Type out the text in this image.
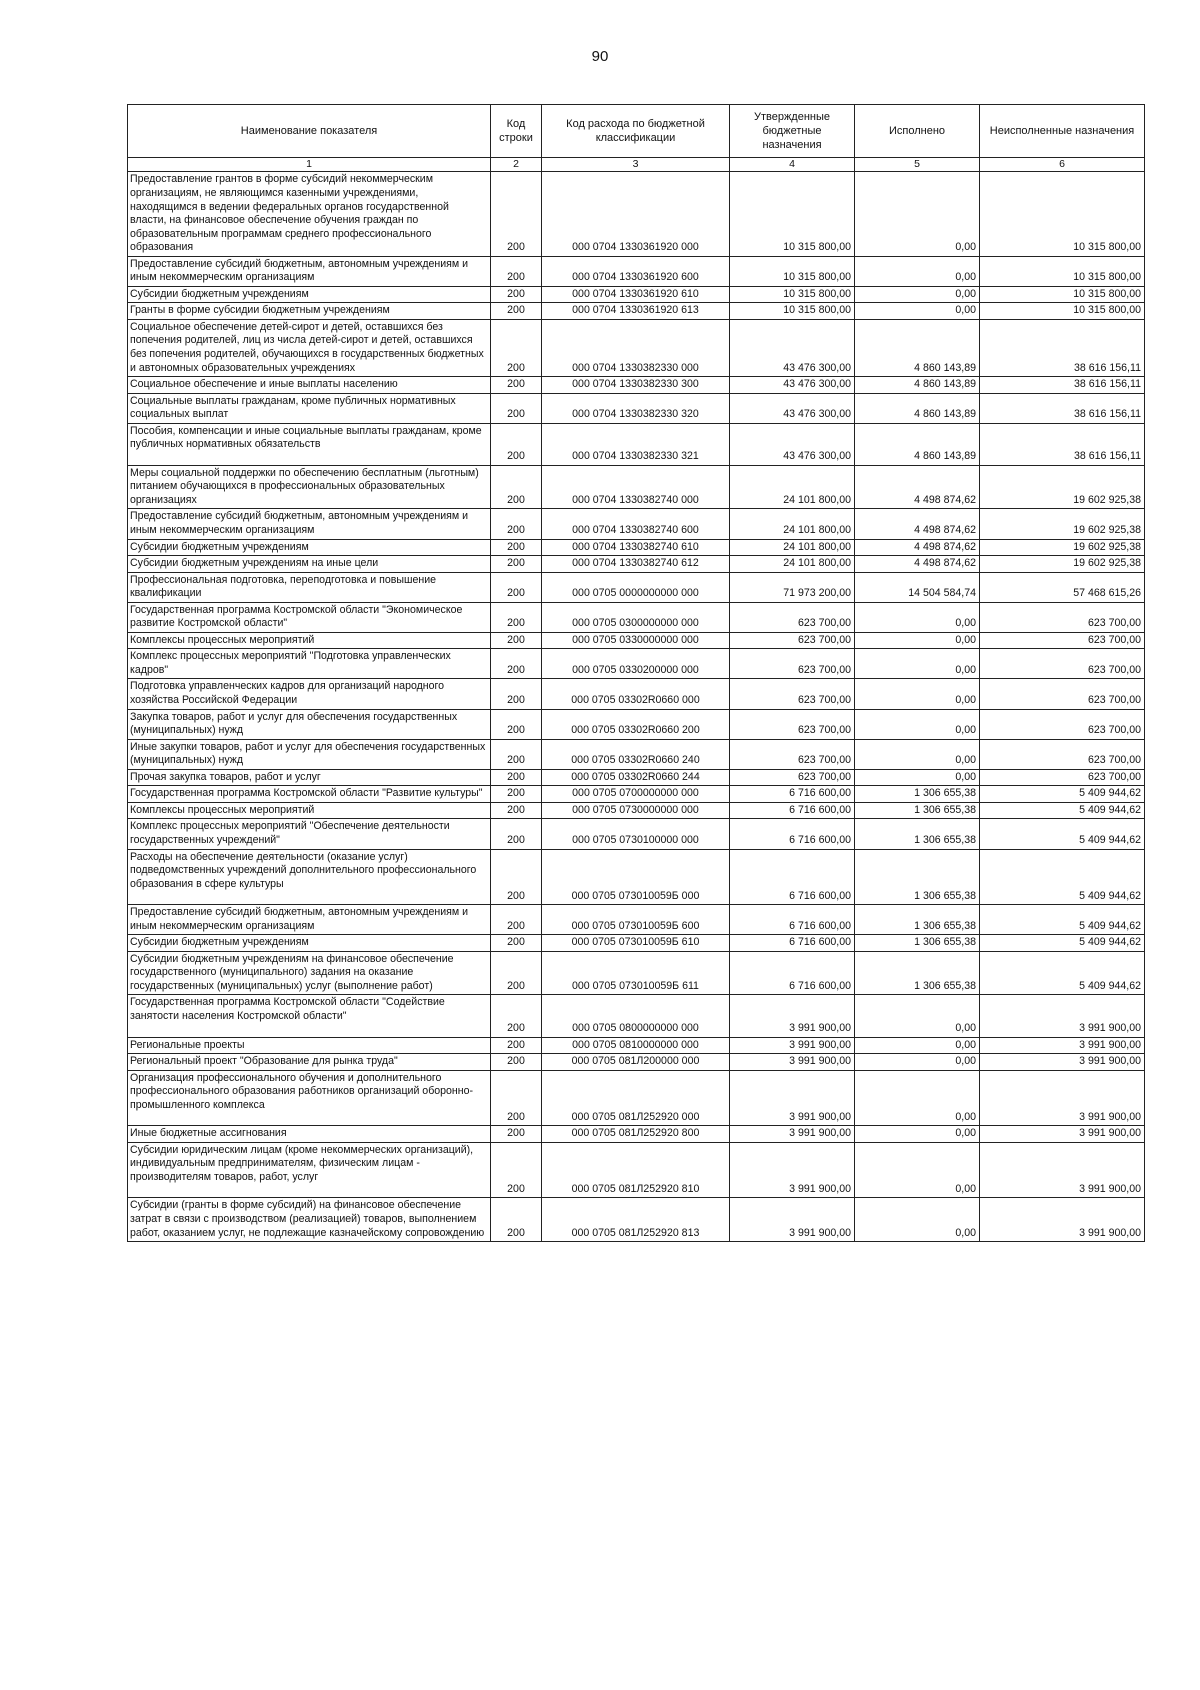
90
Наименование показателя	Код строки	Код расхода по бюджетной классификации	Утвержденные бюджетные назначения	Исполнено	Неисполненные назначения
1	2	3	4	5	6
Предоставление грантов в форме субсидий некоммерческим организациям, не являющимся казенными учреждениями, находящимся в ведении федеральных органов государственной власти, на финансовое обеспечение обучения граждан по образовательным программам среднего профессионального образования	200	000 0704 1330361920 000	10 315 800,00	0,00	10 315 800,00
Предоставление субсидий бюджетным, автономным учреждениям и иным некоммерческим организациям	200	000 0704 1330361920 600	10 315 800,00	0,00	10 315 800,00
Субсидии бюджетным учреждениям	200	000 0704 1330361920 610	10 315 800,00	0,00	10 315 800,00
Гранты в форме субсидии бюджетным учреждениям	200	000 0704 1330361920 613	10 315 800,00	0,00	10 315 800,00
Социальное обеспечение детей-сирот и детей, оставшихся без попечения родителей, лиц из числа детей-сирот и детей, оставшихся без попечения родителей, обучающихся в государственных бюджетных и автономных образовательных учреждениях	200	000 0704 1330382330 000	43 476 300,00	4 860 143,89	38 616 156,11
Социальное обеспечение и иные выплаты населению	200	000 0704 1330382330 300	43 476 300,00	4 860 143,89	38 616 156,11
Социальные выплаты гражданам, кроме публичных нормативных социальных выплат	200	000 0704 1330382330 320	43 476 300,00	4 860 143,89	38 616 156,11
Пособия, компенсации и иные социальные выплаты гражданам, кроме публичных нормативных обязательств	200	000 0704 1330382330 321	43 476 300,00	4 860 143,89	38 616 156,11
Меры социальной поддержки по обеспечению бесплатным (льготным) питанием обучающихся в профессиональных образовательных организациях	200	000 0704 1330382740 000	24 101 800,00	4 498 874,62	19 602 925,38
Предоставление субсидий бюджетным, автономным учреждениям и иным некоммерческим организациям	200	000 0704 1330382740 600	24 101 800,00	4 498 874,62	19 602 925,38
Субсидии бюджетным учреждениям	200	000 0704 1330382740 610	24 101 800,00	4 498 874,62	19 602 925,38
Субсидии бюджетным учреждениям на иные цели	200	000 0704 1330382740 612	24 101 800,00	4 498 874,62	19 602 925,38
Профессиональная подготовка, переподготовка и повышение квалификации	200	000 0705 0000000000 000	71 973 200,00	14 504 584,74	57 468 615,26
Государственная программа Костромской области "Экономическое развитие Костромской области"	200	000 0705 0300000000 000	623 700,00	0,00	623 700,00
Комплексы процессных мероприятий	200	000 0705 0330000000 000	623 700,00	0,00	623 700,00
Комплекс процессных мероприятий "Подготовка управленческих кадров"	200	000 0705 0330200000 000	623 700,00	0,00	623 700,00
Подготовка управленческих кадров для организаций народного хозяйства Российской Федерации	200	000 0705 03302R0660 000	623 700,00	0,00	623 700,00
Закупка товаров, работ и услуг для обеспечения государственных (муниципальных) нужд	200	000 0705 03302R0660 200	623 700,00	0,00	623 700,00
Иные закупки товаров, работ и услуг для обеспечения государственных (муниципальных) нужд	200	000 0705 03302R0660 240	623 700,00	0,00	623 700,00
Прочая закупка товаров, работ и услуг	200	000 0705 03302R0660 244	623 700,00	0,00	623 700,00
Государственная программа Костромской области "Развитие культуры"	200	000 0705 0700000000 000	6 716 600,00	1 306 655,38	5 409 944,62
Комплексы процессных мероприятий	200	000 0705 0730000000 000	6 716 600,00	1 306 655,38	5 409 944,62
Комплекс процессных мероприятий "Обеспечение деятельности государственных учреждений"	200	000 0705 0730100000 000	6 716 600,00	1 306 655,38	5 409 944,62
Расходы на обеспечение деятельности (оказание услуг) подведомственных учреждений дополнительного профессионального образования в сфере культуры	200	000 0705 073010059Б 000	6 716 600,00	1 306 655,38	5 409 944,62
Предоставление субсидий бюджетным, автономным учреждениям и иным некоммерческим организациям	200	000 0705 073010059Б 600	6 716 600,00	1 306 655,38	5 409 944,62
Субсидии бюджетным учреждениям	200	000 0705 073010059Б 610	6 716 600,00	1 306 655,38	5 409 944,62
Субсидии бюджетным учреждениям на финансовое обеспечение государственного (муниципального) задания на оказание государственных (муниципальных) услуг (выполнение работ)	200	000 0705 073010059Б 611	6 716 600,00	1 306 655,38	5 409 944,62
Государственная программа Костромской области "Содействие занятости населения Костромской области"	200	000 0705 0800000000 000	3 991 900,00	0,00	3 991 900,00
Региональные проекты	200	000 0705 0810000000 000	3 991 900,00	0,00	3 991 900,00
Региональный проект "Образование для рынка труда"	200	000 0705 081Л200000 000	3 991 900,00	0,00	3 991 900,00
Организация профессионального обучения и дополнительного профессионального образования работников организаций оборонно-промышленного комплекса	200	000 0705 081Л252920 000	3 991 900,00	0,00	3 991 900,00
Иные бюджетные ассигнования	200	000 0705 081Л252920 800	3 991 900,00	0,00	3 991 900,00
Субсидии юридическим лицам (кроме некоммерческих организаций), индивидуальным предпринимателям, физическим лицам - производителям товаров, работ, услуг	200	000 0705 081Л252920 810	3 991 900,00	0,00	3 991 900,00
Субсидии (гранты в форме субсидий) на финансовое обеспечение затрат в связи с производством (реализацией) товаров, выполнением работ, оказанием услуг, не подлежащие казначейскому сопровождению	200	000 0705 081Л252920 813	3 991 900,00	0,00	3 991 900,00
